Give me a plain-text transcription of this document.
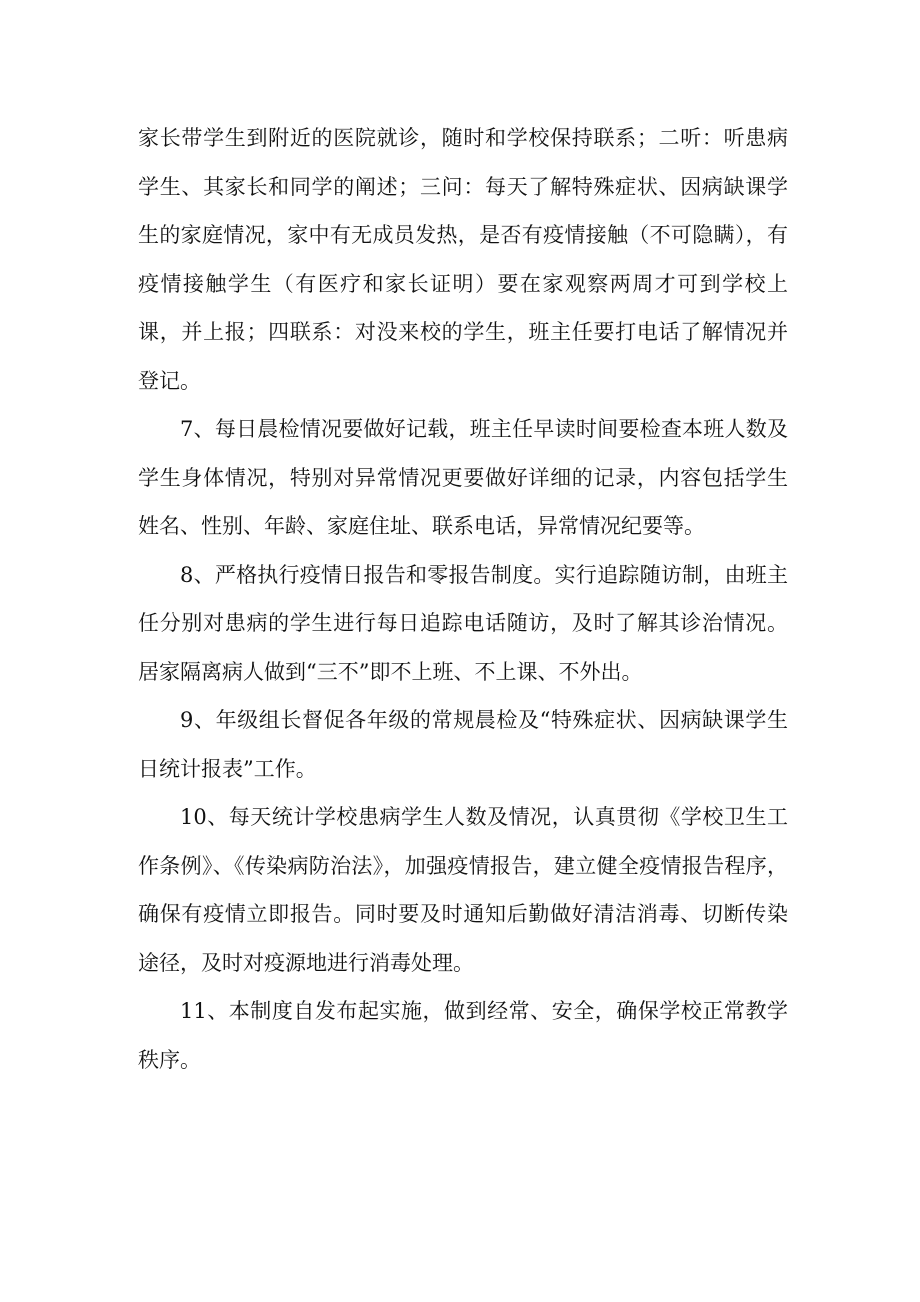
家长带学生到附近的医院就诊，随时和学校保持联系；二听：听患病学生、其家长和同学的阐述；三问：每天了解特殊症状、因病缺课学生的家庭情况，家中有无成员发热，是否有疫情接触（不可隐瞒），有疫情接触学生（有医疗和家长证明）要在家观察两周才可到学校上课，并上报；四联系：对没来校的学生，班主任要打电话了解情况并登记。

7、每日晨检情况要做好记载，班主任早读时间要检查本班人数及学生身体情况，特别对异常情况更要做好详细的记录，内容包括学生姓名、性别、年龄、家庭住址、联系电话，异常情况纪要等。

8、严格执行疫情日报告和零报告制度。实行追踪随访制，由班主任分别对患病的学生进行每日追踪电话随访，及时了解其诊治情况。居家隔离病人做到“三不”即不上班、不上课、不外出。

9、年级组长督促各年级的常规晨检及“特殊症状、因病缺课学生日统计报表”工作。

10、每天统计学校患病学生人数及情况，认真贯彻《学校卫生工作条例》、《传染病防治法》，加强疫情报告，建立健全疫情报告程序，确保有疫情立即报告。同时要及时通知后勤做好清洁消毒、切断传染途径，及时对疫源地进行消毒处理。

11、本制度自发布起实施，做到经常、安全，确保学校正常教学秩序。
